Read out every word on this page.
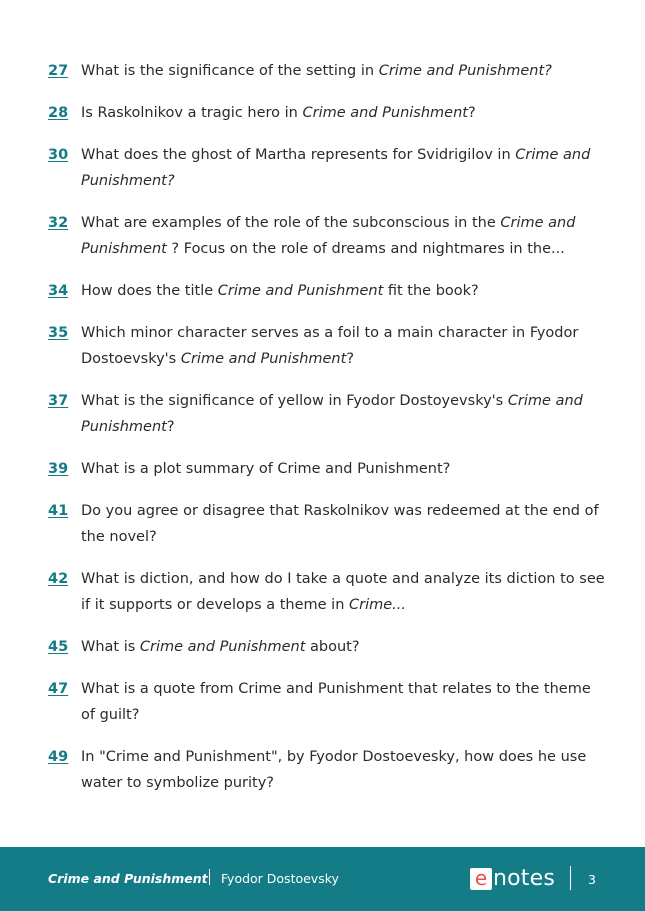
27 What is the significance of the setting in Crime and Punishment?
28 Is Raskolnikov a tragic hero in Crime and Punishment?
30 What does the ghost of Martha represents for Svidrigilov in Crime and Punishment?
32 What are examples of the role of the subconscious in the Crime and Punishment ? Focus on the role of dreams and nightmares in the...
34 How does the title Crime and Punishment fit the book?
35 Which minor character serves as a foil to a main character in Fyodor Dostoevsky's Crime and Punishment?
37 What is the significance of yellow in Fyodor Dostoyevsky's Crime and Punishment?
39 What is a plot summary of Crime and Punishment?
41 Do you agree or disagree that Raskolnikov was redeemed at the end of the novel?
42 What is diction, and how do I take a quote and analyze its diction to see if it supports or develops a theme in Crime...
45 What is Crime and Punishment about?
47 What is a quote from Crime and Punishment that relates to the theme of guilt?
49 In "Crime and Punishment", by Fyodor Dostoevesky, how does he use water to symbolize purity?
Crime and Punishment Fyodor Dostoevsky	e notes	3
